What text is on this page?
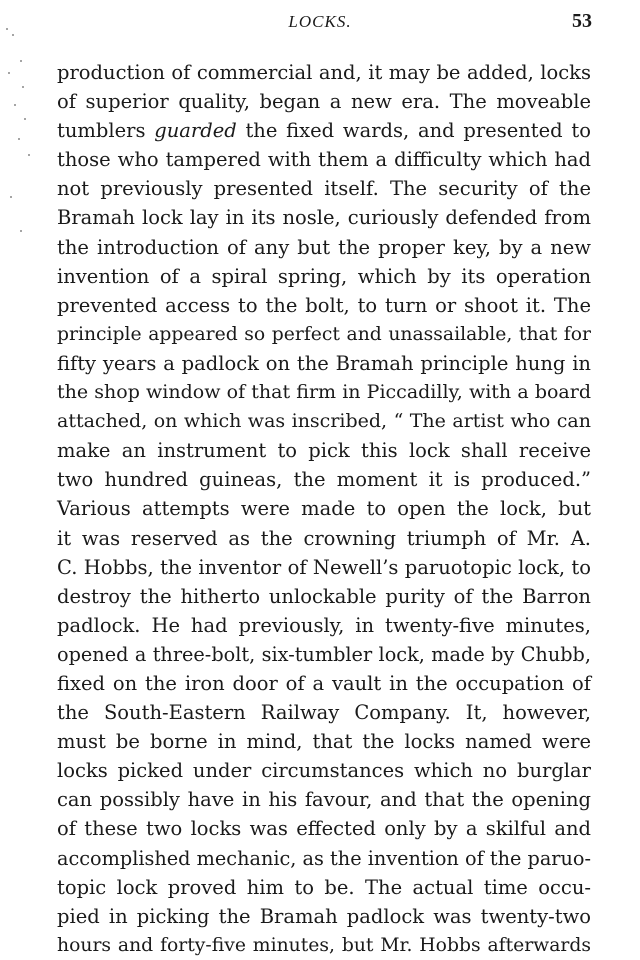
LOCKS.	53
production of commercial and, it may be added, locks
of superior quality, began a new era. The moveable
tumblers guarded the fixed wards, and presented to
those who tampered with them a difficulty which had
not previously presented itself. The security of the
Bramah lock lay in its nosle, curiously defended from
the introduction of any but the proper key, by a new
invention of a spiral spring, which by its operation
prevented access to the bolt, to turn or shoot it. The
principle appeared so perfect and unassailable, that for
fifty years a padlock on the Bramah principle hung in
the shop window of that firm in Piccadilly, with a board
attached, on which was inscribed, “ The artist who can
make an instrument to pick this lock shall receive
two hundred guineas, the moment it is produced.”
Various attempts were made to open the lock, but
it was reserved as the crowning triumph of Mr. A.
C. Hobbs, the inventor of Newell’s paruotopic lock, to
destroy the hitherto unlockable purity of the Barron
padlock. He had previously, in twenty-five minutes,
opened a three-bolt, six-tumbler lock, made by Chubb,
fixed on the iron door of a vault in the occupation of
the South-Eastern Railway Company. It, however,
must be borne in mind, that the locks named were
locks picked under circumstances which no burglar
can possibly have in his favour, and that the opening
of these two locks was effected only by a skilful and
accomplished mechanic, as the invention of the paruo-
topic lock proved him to be. The actual time occu-
pied in picking the Bramah padlock was twenty-two
hours and forty-five minutes, but Mr. Hobbs afterwards
